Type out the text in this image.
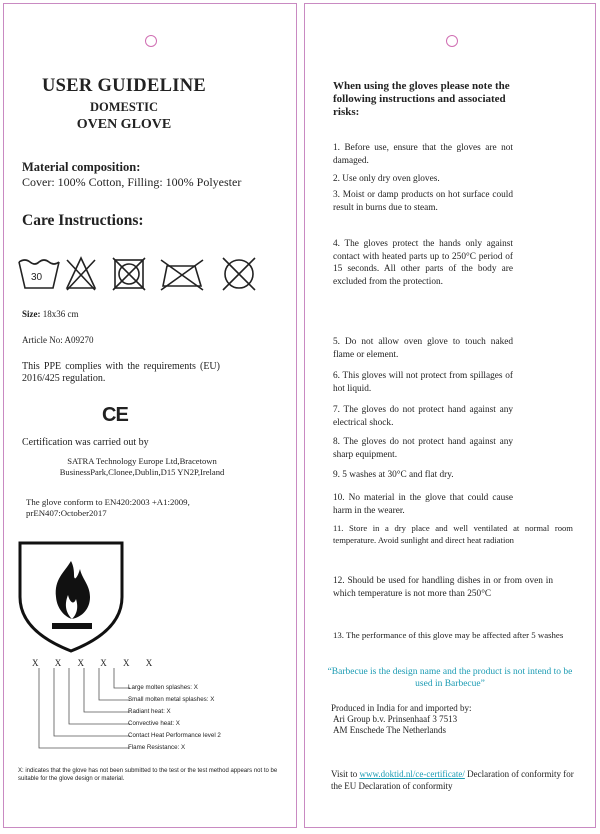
USER GUIDELINE
DOMESTIC
OVEN GLOVE
Material composition:
Cover: 100% Cotton, Filling: 100% Polyester
Care Instructions:
30
Size: 18x36 cm
Article No: A09270
This PPE complies with the requirements (EU) 2016/425 regulation.
CE
Certification was carried out by
SATRA Technology Europe Ltd,Bracetown BusinessPark,Clonee,Dublin,D15 YN2P,Ireland
The glove conform to EN420:2003 +A1:2009, prEN407:October2017
X X X X X X
Large molten splashes: X
Small molten metal splashes: X
Radiant heat: X
Convective heat: X
Contact Heat Performance level 2
Flame Resistance: X
X: indicates that the glove has not been submitted to the test or the test method appears not to be suitable for the glove design or material.
When using the gloves please note the following instructions and associated risks:
1. Before use, ensure that the gloves are not damaged.
2. Use only dry oven gloves.
3. Moist or damp products on hot surface could result in burns due to steam.
4. The gloves protect the hands only against contact with heated parts up to 250°C period of 15 seconds. All other parts of the body are excluded from the protection.
5. Do not allow oven glove to touch naked flame or element.
6. This gloves will not protect from spillages of hot liquid.
7. The gloves do not protect hand against any electrical shock.
8. The gloves do not protect hand against any sharp equipment.
9. 5 washes at 30°C and flat dry.
10. No material in the glove that could cause harm in the wearer.
11. Store in a dry place and well ventilated at normal room temperature. Avoid sunlight and direct heat radiation
12. Should be used for handling dishes in or from oven in which temperature is not more than 250°C
13. The performance of this glove may be affected after 5 washes
“Barbecue is the design name and the product is not intend to be used in Barbecue”
Produced in India for and imported by:
Ari Group b.v. Prinsenhaaf 3 7513
AM Enschede The Netherlands
Visit to www.doktid.nl/ce-certificate/ Declaration of conformity for the EU Declaration of conformity
